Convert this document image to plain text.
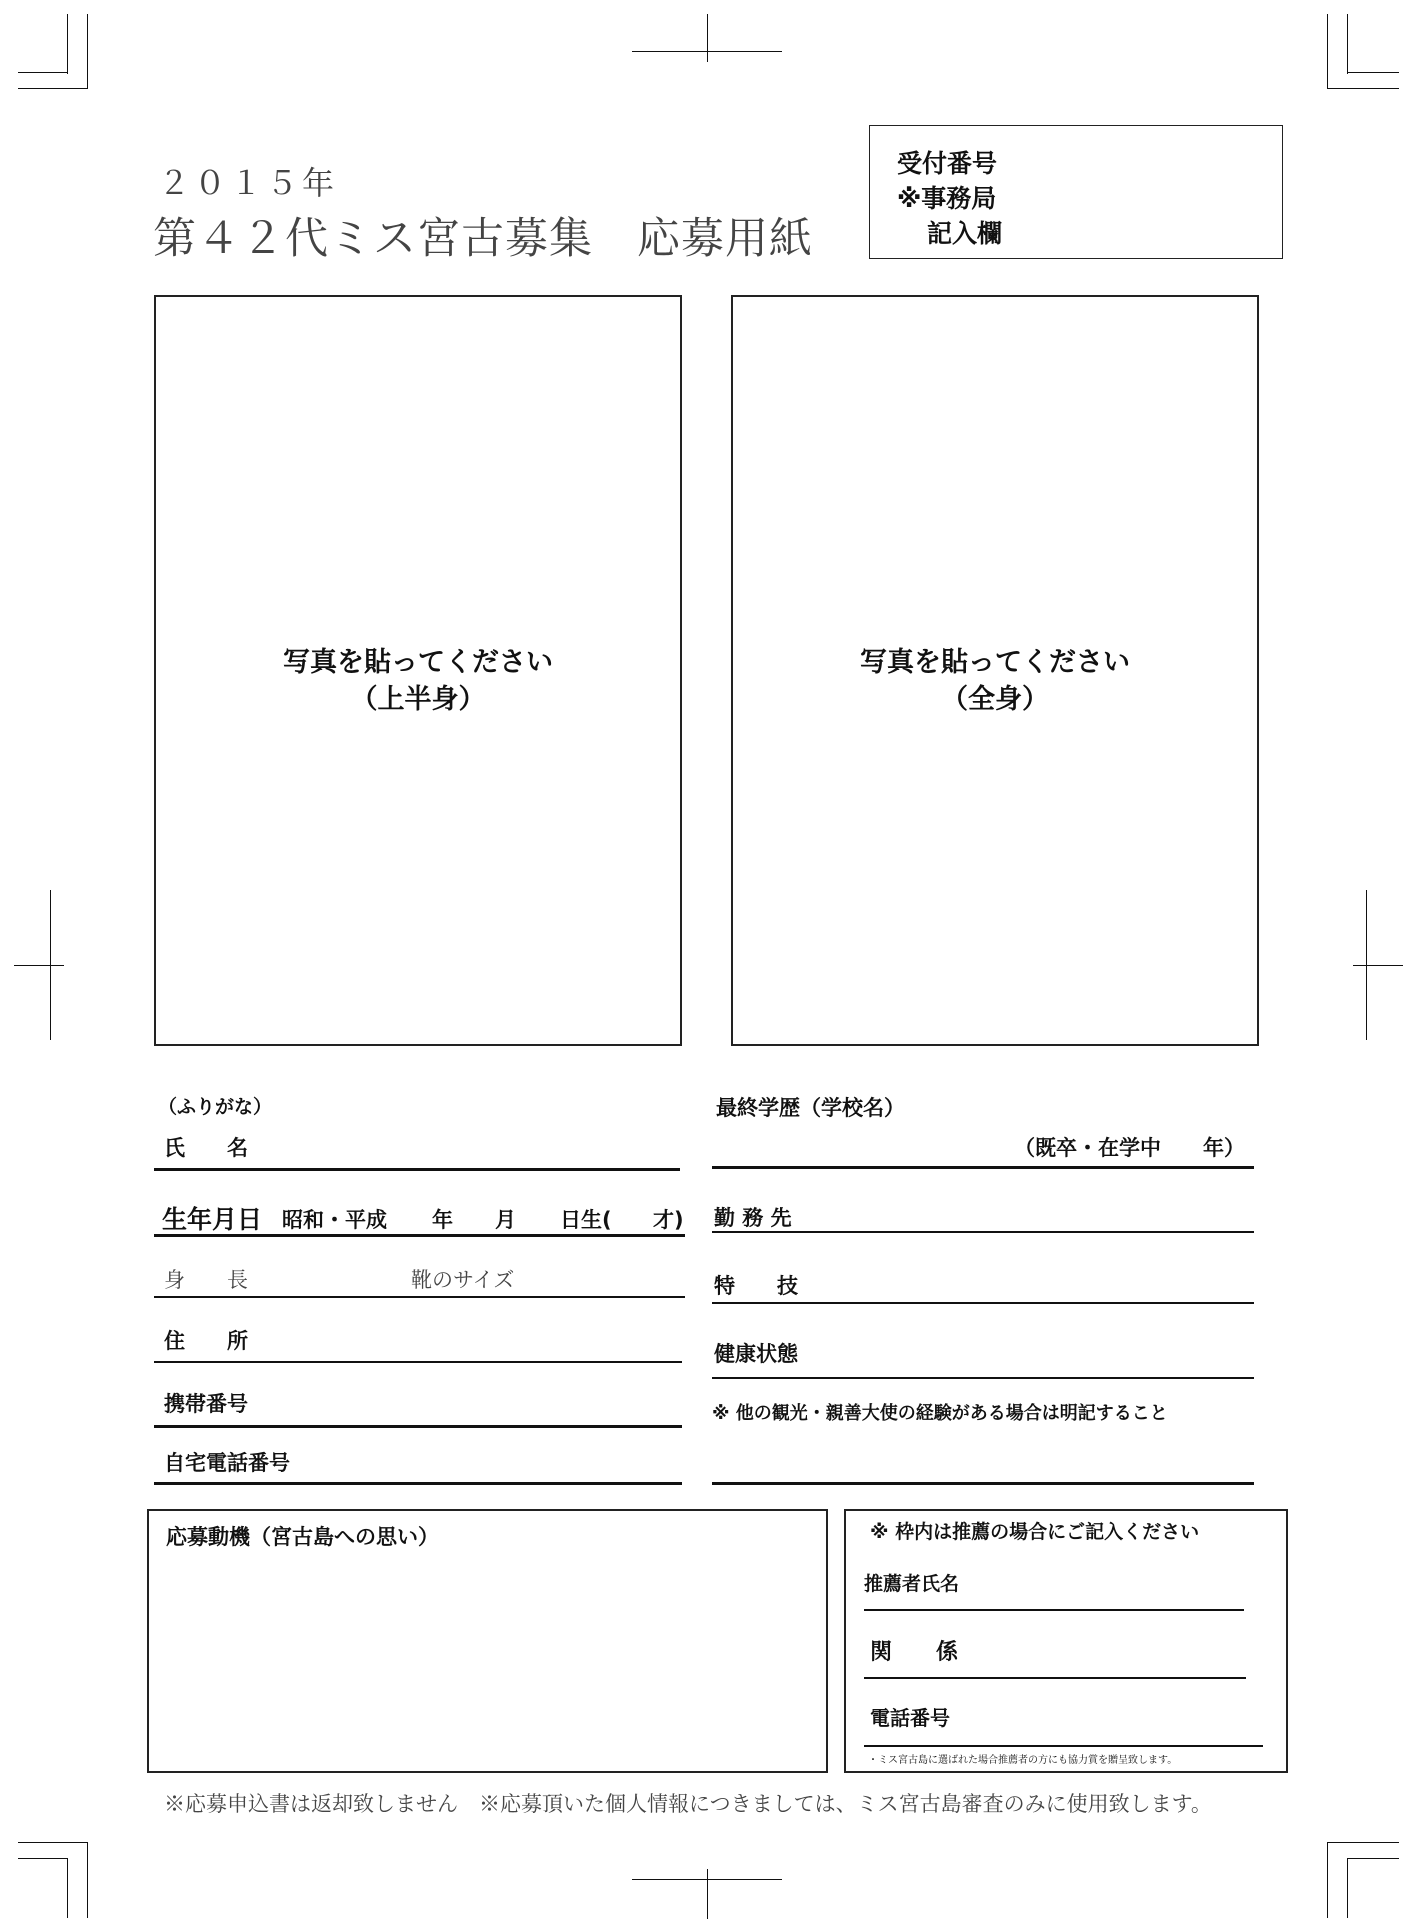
２０１５年
第４２代ミス宮古募集　応募用紙
受付番号
※事務局
記入欄
写真を貼ってください
（上半身）
写真を貼ってください
（全身）
（ふりがな）
氏　　名
生年月日 昭和・平成 年 月 日生( 才)
身　　長	靴のサイズ
住　　所
携帯番号
自宅電話番号
最終学歴（学校名）
（既卒・在学中　　年）
勤 務 先
特　　技
健康状態
※ 他の観光・親善大使の経験がある場合は明記すること
応募動機（宮古島への思い）	※ 枠内は推薦の場合にご記入ください
推薦者氏名
関　　係
電話番号
・ミス宮古島に選ばれた場合推薦者の方にも協力賞を贈呈致します。
※応募申込書は返却致しません　※応募頂いた個人情報につきましては、ミス宮古島審査のみに使用致します。
